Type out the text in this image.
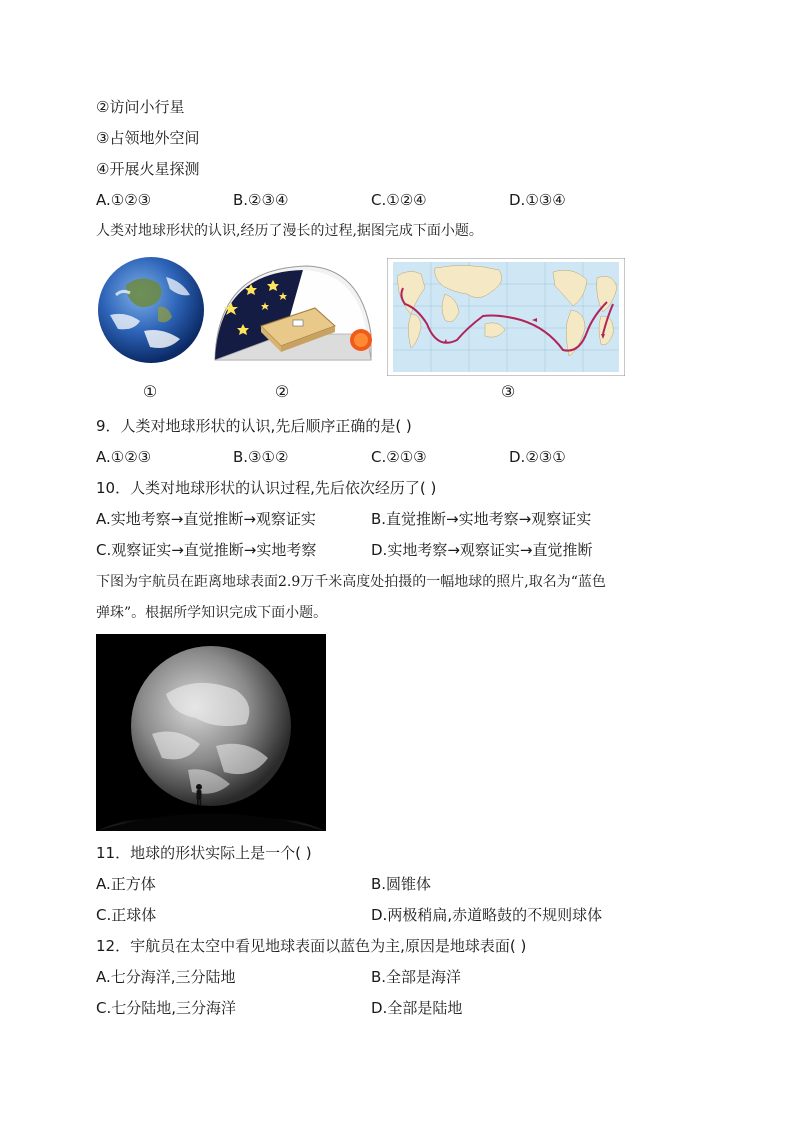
②访问小行星
③占领地外空间
④开展火星探测
A.①②③	B.②③④	C.①②④	D.①③④
人类对地球形状的认识,经历了漫长的过程,据图完成下面小题。
①	②	③
9．人类对地球形状的认识,先后顺序正确的是( )
A.①②③	B.③①②	C.②①③	D.②③①
10．人类对地球形状的认识过程,先后依次经历了( )
A.实地考察→直觉推断→观察证实	B.直觉推断→实地考察→观察证实
C.观察证实→直觉推断→实地考察	D.实地考察→观察证实→直觉推断
下图为宇航员在距离地球表面2.9万千米高度处拍摄的一幅地球的照片,取名为“蓝色
弹珠”。根据所学知识完成下面小题。
11．地球的形状实际上是一个( )
A.正方体	B.圆锥体
C.正球体	D.两极稍扁,赤道略鼓的不规则球体
12．宇航员在太空中看见地球表面以蓝色为主,原因是地球表面( )
A.七分海洋,三分陆地	B.全部是海洋
C.七分陆地,三分海洋	D.全部是陆地
